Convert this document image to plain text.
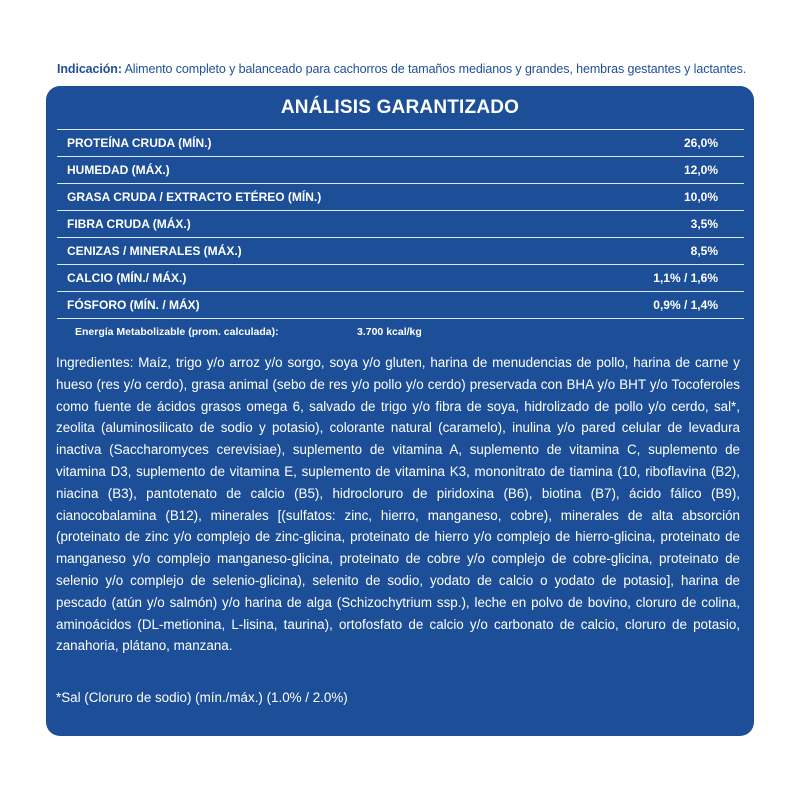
Indicación: Alimento completo y balanceado para cachorros de tamaños medianos y grandes, hembras gestantes y lactantes.
ANÁLISIS GARANTIZADO
PROTEÍNA CRUDA (MÍN.)	26,0%
HUMEDAD (MÁX.)	12,0%
GRASA CRUDA / EXTRACTO ETÉREO (MÍN.)	10,0%
FIBRA CRUDA (MÁX.)	3,5%
CENIZAS / MINERALES (MÁX.)	8,5%
CALCIO (MÍN./ MÁX.)	1,1% / 1,6%
FÓSFORO (MÍN. / MÁX)	0,9% / 1,4%
Energía Metabolizable (prom. calculada):	3.700 kcal/kg
Ingredientes: Maíz, trigo y/o arroz y/o sorgo, soya y/o gluten, harina de menudencias de pollo, harina de carne y hueso (res y/o cerdo), grasa animal (sebo de res y/o pollo y/o cerdo) preservada con BHA y/o BHT y/o Tocoferoles como fuente de ácidos grasos omega 6, salvado de trigo y/o fibra de soya, hidrolizado de pollo y/o cerdo, sal*, zeolita (aluminosilicato de sodio y potasio), colorante natural (caramelo), inulina y/o pared celular de levadura inactiva (Saccharomyces cerevisiae), suplemento de vitamina A, suplemento de vitamina C, suplemento de vitamina D3, suplemento de vitamina E, suplemento de vitamina K3, mononitrato de tiamina (10, riboflavina (B2), niacina (B3), pantotenato de calcio (B5), hidrocloruro de piridoxina (B6), biotina (B7), ácido fálico (B9), cianocobalamina (B12), minerales [(sulfatos: zinc, hierro, manganeso, cobre), minerales de alta absorción (proteinato de zinc y/o complejo de zinc-glicina, proteinato de hierro y/o complejo de hierro-glicina, proteinato de manganeso y/o complejo manganeso-glicina, proteinato de cobre y/o complejo de cobre-glicina, proteinato de selenio y/o complejo de selenio-glicina), selenito de sodio, yodato de calcio o yodato de potasio], harina de pescado (atún y/o salmón) y/o harina de alga (Schizochytrium ssp.), leche en polvo de bovino, cloruro de colina, aminoácidos (DL-metionina, L-lisina, taurina), ortofosfato de calcio y/o carbonato de calcio, cloruro de potasio, zanahoria, plátano, manzana.
*Sal (Cloruro de sodio) (mín./máx.) (1.0% / 2.0%)
